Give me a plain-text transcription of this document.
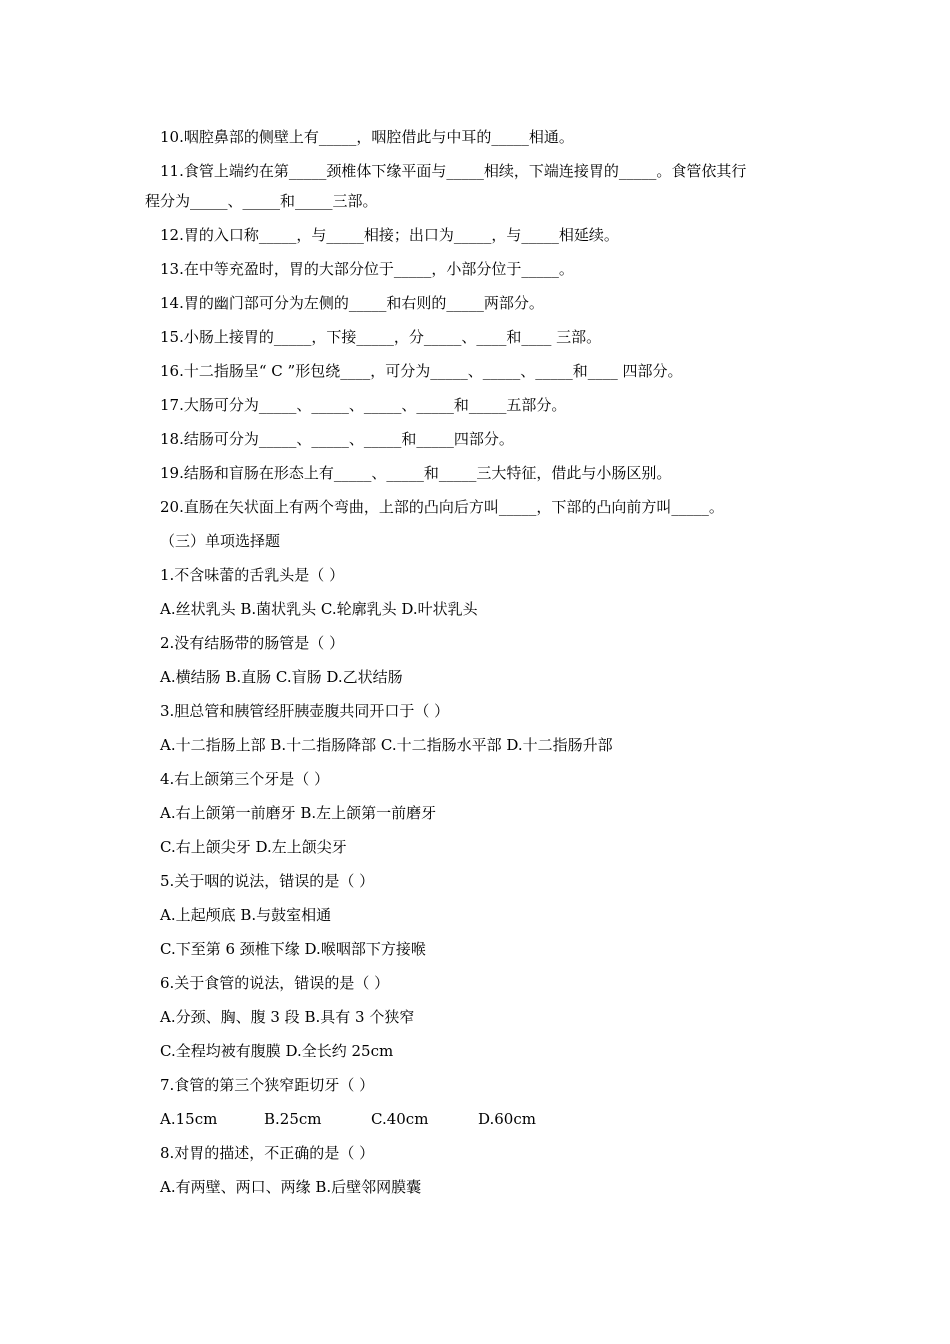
10.咽腔鼻部的侧壁上有_____，咽腔借此与中耳的_____相通。
11.食管上端约在第_____颈椎体下缘平面与_____相续，下端连接胃的_____。食管依其行
程分为_____、_____和_____三部。
12.胃的入口称_____，与_____相接；出口为_____，与_____相延续。
13.在中等充盈时，胃的大部分位于_____，小部分位于_____。
14.胃的幽门部可分为左侧的_____和右则的_____两部分。
15.小肠上接胃的_____，下接_____，分_____、____和____ 三部。
16.十二指肠呈“ C ”形包绕____，可分为_____、_____、_____和____ 四部分。
17.大肠可分为_____、_____、_____、_____和_____五部分。
18.结肠可分为_____、_____、_____和_____四部分。
19.结肠和盲肠在形态上有_____、_____和_____三大特征，借此与小肠区别。
20.直肠在矢状面上有两个弯曲，上部的凸向后方叫_____，下部的凸向前方叫_____。
（三）单项选择题
1.不含味蕾的舌乳头是（ ）
A.丝状乳头 B.菌状乳头 C.轮廓乳头 D.叶状乳头
2.没有结肠带的肠管是（ ）
A.横结肠 B.直肠 C.盲肠 D.乙状结肠
3.胆总管和胰管经肝胰壶腹共同开口于（ ）
A.十二指肠上部 B.十二指肠降部 C.十二指肠水平部 D.十二指肠升部
4.右上颌第三个牙是（ ）
A.右上颌第一前磨牙 B.左上颌第一前磨牙
C.右上颌尖牙 D.左上颌尖牙
5.关于咽的说法，错误的是（ ）
A.上起颅底 B.与鼓室相通
C.下至第 6 颈椎下缘 D.喉咽部下方接喉
6.关于食管的说法，错误的是（ ）
A.分颈、胸、腹 3 段 B.具有 3 个狭窄
C.全程均被有腹膜 D.全长约 25cm
7.食管的第三个狭窄距切牙（ ）
A.15cm	B.25cm	C.40cm	D.60cm
8.对胃的描述，不正确的是（ ）
A.有两壁、两口、两缘 B.后壁邻网膜囊
